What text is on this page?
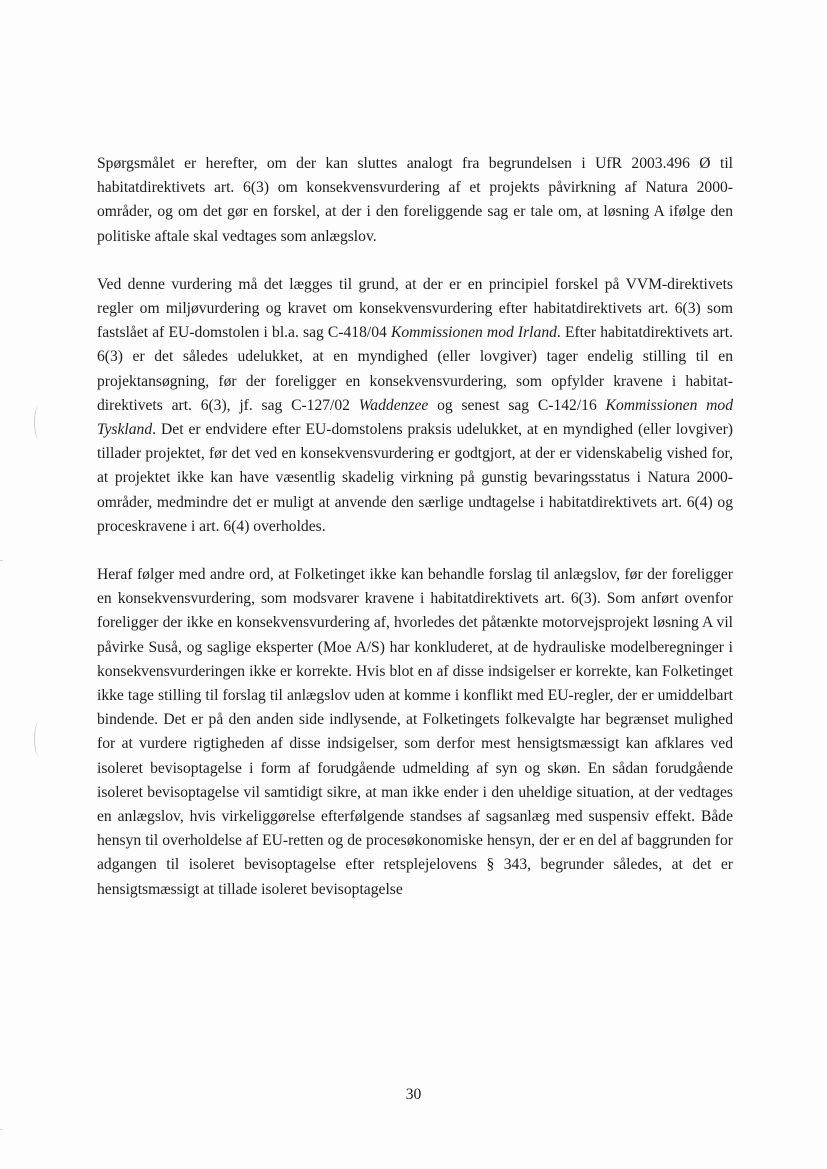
Spørgsmålet er herefter, om der kan sluttes analogt fra begrundelsen i UfR 2003.496 Ø til habitatdirektivets art. 6(3) om konsekvensvurdering af et projekts påvirkning af Natura 2000-områder, og om det gør en forskel, at der i den foreliggende sag er tale om, at løsning A ifølge den politiske aftale skal vedtages som anlægslov.

Ved denne vurdering må det lægges til grund, at der er en principiel forskel på VVM-direktivets regler om miljøvurdering og kravet om konsekvensvurdering efter habitatdirektivets art. 6(3) som fastslået af EU-domstolen i bl.a. sag C-418/04 Kommissionen mod Irland. Efter habitatdirektivets art. 6(3) er det således udelukket, at en myndighed (eller lovgiver) tager endelig stilling til en projektansøgning, før der foreligger en konsekvensvurdering, som opfylder kravene i habitat-direktivets art. 6(3), jf. sag C-127/02 Waddenzee og senest sag C-142/16 Kommissionen mod Tyskland. Det er endvidere efter EU-domstolens praksis udelukket, at en myndighed (eller lovgiver) tillader projektet, før det ved en konsekvensvurdering er godtgjort, at der er videnskabelig vished for, at projektet ikke kan have væsentlig skadelig virkning på gunstig bevaringsstatus i Natura 2000-områder, medmindre det er muligt at anvende den særlige undtagelse i habitatdirektivets art. 6(4) og proceskravene i art. 6(4) overholdes.

Heraf følger med andre ord, at Folketinget ikke kan behandle forslag til anlægslov, før der foreligger en konsekvensvurdering, som modsvarer kravene i habitatdirektivets art. 6(3). Som anført ovenfor foreligger der ikke en konsekvensvurdering af, hvorledes det påtænkte motorvejsprojekt løsning A vil påvirke Suså, og saglige eksperter (Moe A/S) har konkluderet, at de hydrauliske modelberegninger i konsekvensvurderingen ikke er korrekte. Hvis blot en af disse indsigelser er korrekte, kan Folketinget ikke tage stilling til forslag til anlægslov uden at komme i konflikt med EU-regler, der er umiddelbart bindende. Det er på den anden side indlysende, at Folketingets folkevalgte har begrænset mulighed for at vurdere rigtigheden af disse indsigelser, som derfor mest hensigtsmæssigt kan afklares ved isoleret bevisoptagelse i form af forudgående udmelding af syn og skøn. En sådan forudgående isoleret bevisoptagelse vil samtidigt sikre, at man ikke ender i den uheldige situation, at der vedtages en anlægslov, hvis virkeliggørelse efterfølgende standses af sagsanlæg med suspensiv effekt. Både hensyn til overholdelse af EU-retten og de procesøkonomiske hensyn, der er en del af baggrunden for adgangen til isoleret bevisoptagelse efter retsplejelovens § 343, begrunder således, at det er hensigtsmæssigt at tillade isoleret bevisoptagelse

30
